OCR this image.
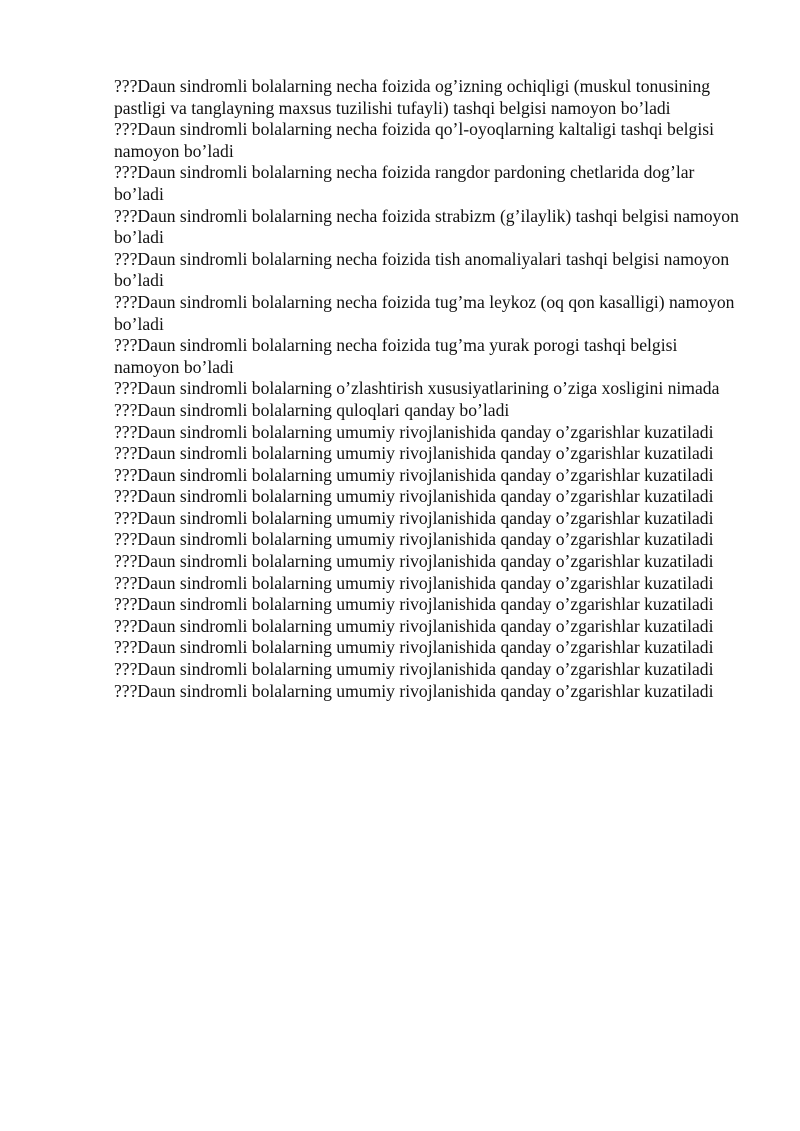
???Daun sindromli bolalarning necha foizida og’izning ochiqligi (muskul tonusining pastligi va tanglayning maxsus tuzilishi tufayli) tashqi belgisi namoyon bo’ladi
???Daun sindromli bolalarning necha foizida qo’l-oyoqlarning kaltaligi tashqi belgisi namoyon bo’ladi
???Daun sindromli bolalarning necha foizida rangdor pardoning chetlarida dog’lar bo’ladi
???Daun sindromli bolalarning necha foizida strabizm (g’ilaylik) tashqi belgisi namoyon bo’ladi
???Daun sindromli bolalarning necha foizida tish anomaliyalari tashqi belgisi namoyon bo’ladi
???Daun sindromli bolalarning necha foizida tug’ma leykoz (oq qon kasalligi) namoyon bo’ladi
???Daun sindromli bolalarning necha foizida tug’ma yurak porogi tashqi belgisi namoyon bo’ladi
???Daun sindromli bolalarning o’zlashtirish xususiyatlarining o’ziga xosligini nimada
???Daun sindromli bolalarning quloqlari qanday bo’ladi
???Daun sindromli bolalarning umumiy rivojlanishida qanday o’zgarishlar kuzatiladi
???Daun sindromli bolalarning umumiy rivojlanishida qanday o’zgarishlar kuzatiladi
???Daun sindromli bolalarning umumiy rivojlanishida qanday o’zgarishlar kuzatiladi
???Daun sindromli bolalarning umumiy rivojlanishida qanday o’zgarishlar kuzatiladi
???Daun sindromli bolalarning umumiy rivojlanishida qanday o’zgarishlar kuzatiladi
???Daun sindromli bolalarning umumiy rivojlanishida qanday o’zgarishlar kuzatiladi
???Daun sindromli bolalarning umumiy rivojlanishida qanday o’zgarishlar kuzatiladi
???Daun sindromli bolalarning umumiy rivojlanishida qanday o’zgarishlar kuzatiladi
???Daun sindromli bolalarning umumiy rivojlanishida qanday o’zgarishlar kuzatiladi
???Daun sindromli bolalarning umumiy rivojlanishida qanday o’zgarishlar kuzatiladi
???Daun sindromli bolalarning umumiy rivojlanishida qanday o’zgarishlar kuzatiladi
???Daun sindromli bolalarning umumiy rivojlanishida qanday o’zgarishlar kuzatiladi
???Daun sindromli bolalarning umumiy rivojlanishida qanday o’zgarishlar kuzatiladi
